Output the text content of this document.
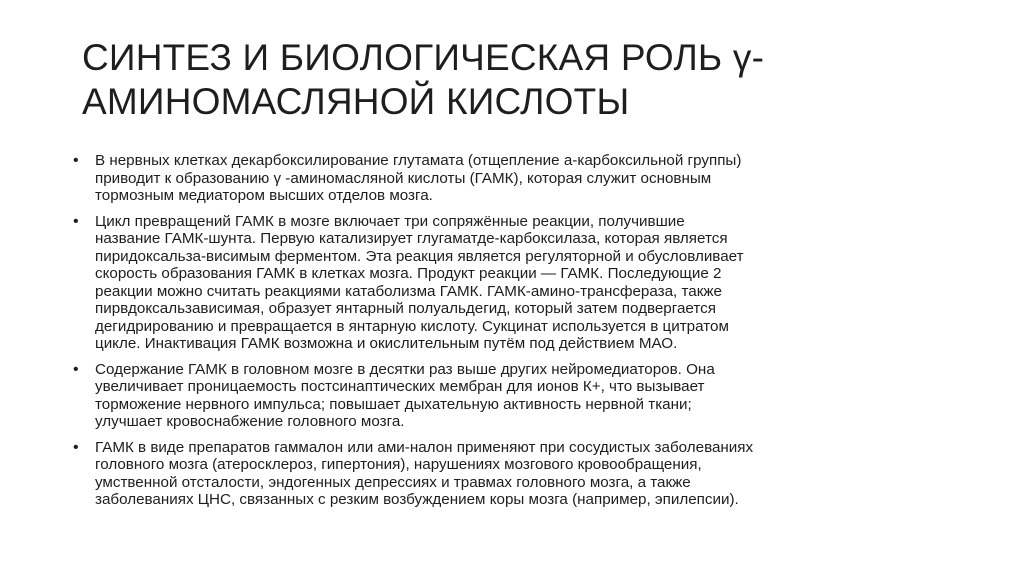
СИНТЕЗ И БИОЛОГИЧЕСКАЯ РОЛЬ γ-
АМИНОМАСЛЯНОЙ КИСЛОТЫ
• В нервных клетках декарбоксилирование глутамата (отщепление а-карбоксильной группы)
приводит к образованию γ -аминомасляной кислоты (ГАМК), которая служит основным
тормозным медиатором высших отделов мозга.
• Цикл превращений ГАМК в мозге включает три сопряжённые реакции, получившие
название ГАМК-шунта. Первую катализирует глугаматде-карбоксилаза, которая является
пиридоксальза-висимым ферментом. Эта реакция является регуляторной и обусловливает
скорость образования ГАМК в клетках мозга. Продукт реакции — ГАМК. Последующие 2
реакции можно считать реакциями катаболизма ГАМК. ГАМК-амино-трансфераза, также
пирвдоксальзависимая, образует янтарный полуальдегид, который затем подвергается
дегидрированию и превращается в янтарную кислоту. Сукцинат используется в цитратом
цикле. Инактивация ГАМК возможна и окислительным путём под действием МАО.
• Содержание ГАМК в головном мозге в десятки раз выше других нейромедиаторов. Она
увеличивает проницаемость постсинаптических мембран для ионов К+, что вызывает
торможение нервного импульса; повышает дыхательную активность нервной ткани;
улучшает кровоснабжение головного мозга.
• ГАМК в виде препаратов гаммалон или ами-налон применяют при сосудистых заболеваниях
головного мозга (атеросклероз, гипертония), нарушениях мозгового кровообращения,
умственной отсталости, эндогенных депрессиях и травмах головного мозга, а также
заболеваниях ЦНС, связанных с резким возбуждением коры мозга (например, эпилепсии).
